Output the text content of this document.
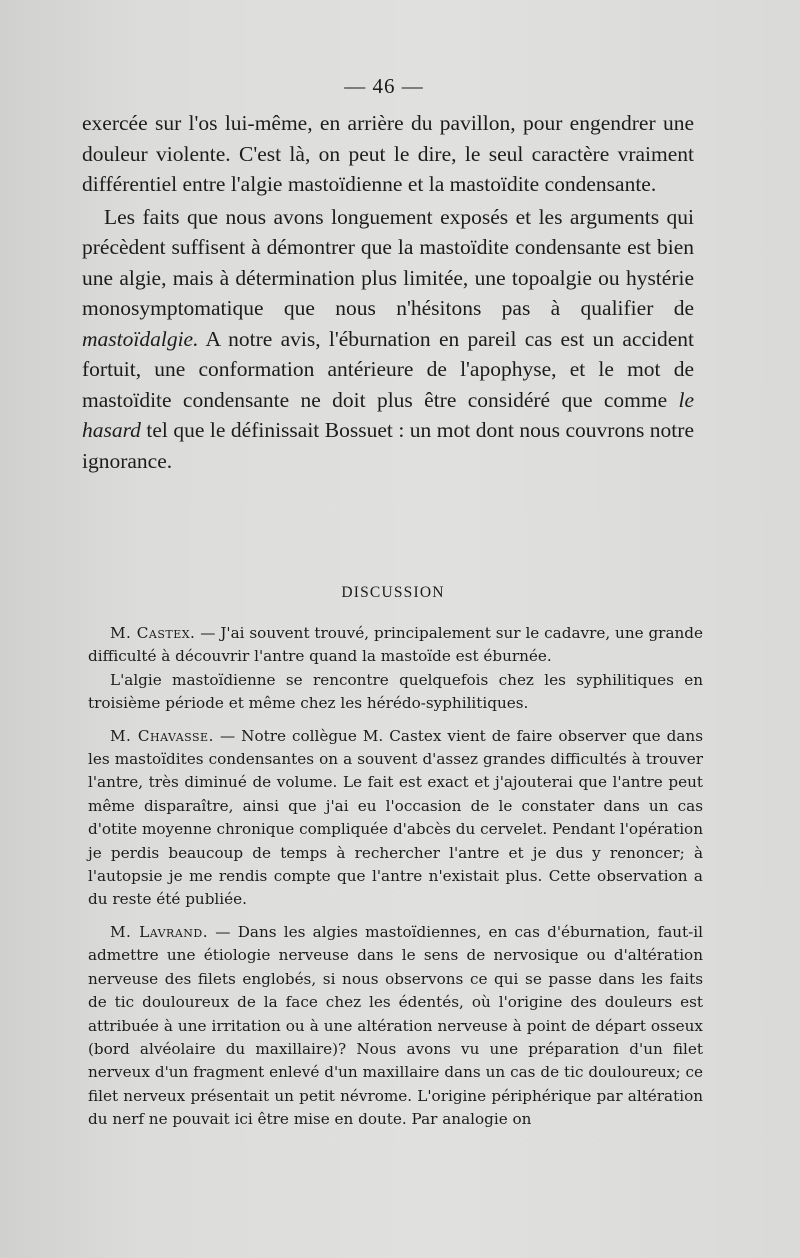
— 46 —

exercée sur l'os lui-même, en arrière du pavillon, pour engendrer une douleur violente. C'est là, on peut le dire, le seul caractère vraiment différentiel entre l'algie mastoïdienne et la mastoïdite condensante.

Les faits que nous avons longuement exposés et les arguments qui précèdent suffisent à démontrer que la mastoïdite condensante est bien une algie, mais à détermination plus limitée, une topoalgie ou hystérie monosymptomatique que nous n'hésitons pas à qualifier de mastoïdalgie. A notre avis, l'éburnation en pareil cas est un accident fortuit, une conformation antérieure de l'apophyse, et le mot de mastoïdite condensante ne doit plus être considéré que comme le hasard tel que le définissait Bossuet : un mot dont nous couvrons notre ignorance.

DISCUSSION

M. Castex. — J'ai souvent trouvé, principalement sur le cadavre, une grande difficulté à découvrir l'antre quand la mastoïde est éburnée.

L'algie mastoïdienne se rencontre quelquefois chez les syphilitiques en troisième période et même chez les hérédo-syphilitiques.

M. Chavasse. — Notre collègue M. Castex vient de faire observer que dans les mastoïdites condensantes on a souvent d'assez grandes difficultés à trouver l'antre, très diminué de volume. Le fait est exact et j'ajouterai que l'antre peut même disparaître, ainsi que j'ai eu l'occasion de le constater dans un cas d'otite moyenne chronique compliquée d'abcès du cervelet. Pendant l'opération je perdis beaucoup de temps à rechercher l'antre et je dus y renoncer; à l'autopsie je me rendis compte que l'antre n'existait plus. Cette observation a du reste été publiée.

M. Lavrand. — Dans les algies mastoïdiennes, en cas d'éburnation, faut-il admettre une étiologie nerveuse dans le sens de nervosique ou d'altération nerveuse des filets englobés, si nous observons ce qui se passe dans les faits de tic douloureux de la face chez les édentés, où l'origine des douleurs est attribuée à une irritation ou à une altération nerveuse à point de départ osseux (bord alvéolaire du maxillaire)? Nous avons vu une préparation d'un filet nerveux d'un fragment enlevé d'un maxillaire dans un cas de tic douloureux; ce filet nerveux présentait un petit névrome. L'origine périphérique par altération du nerf ne pouvait ici être mise en doute. Par analogie on
